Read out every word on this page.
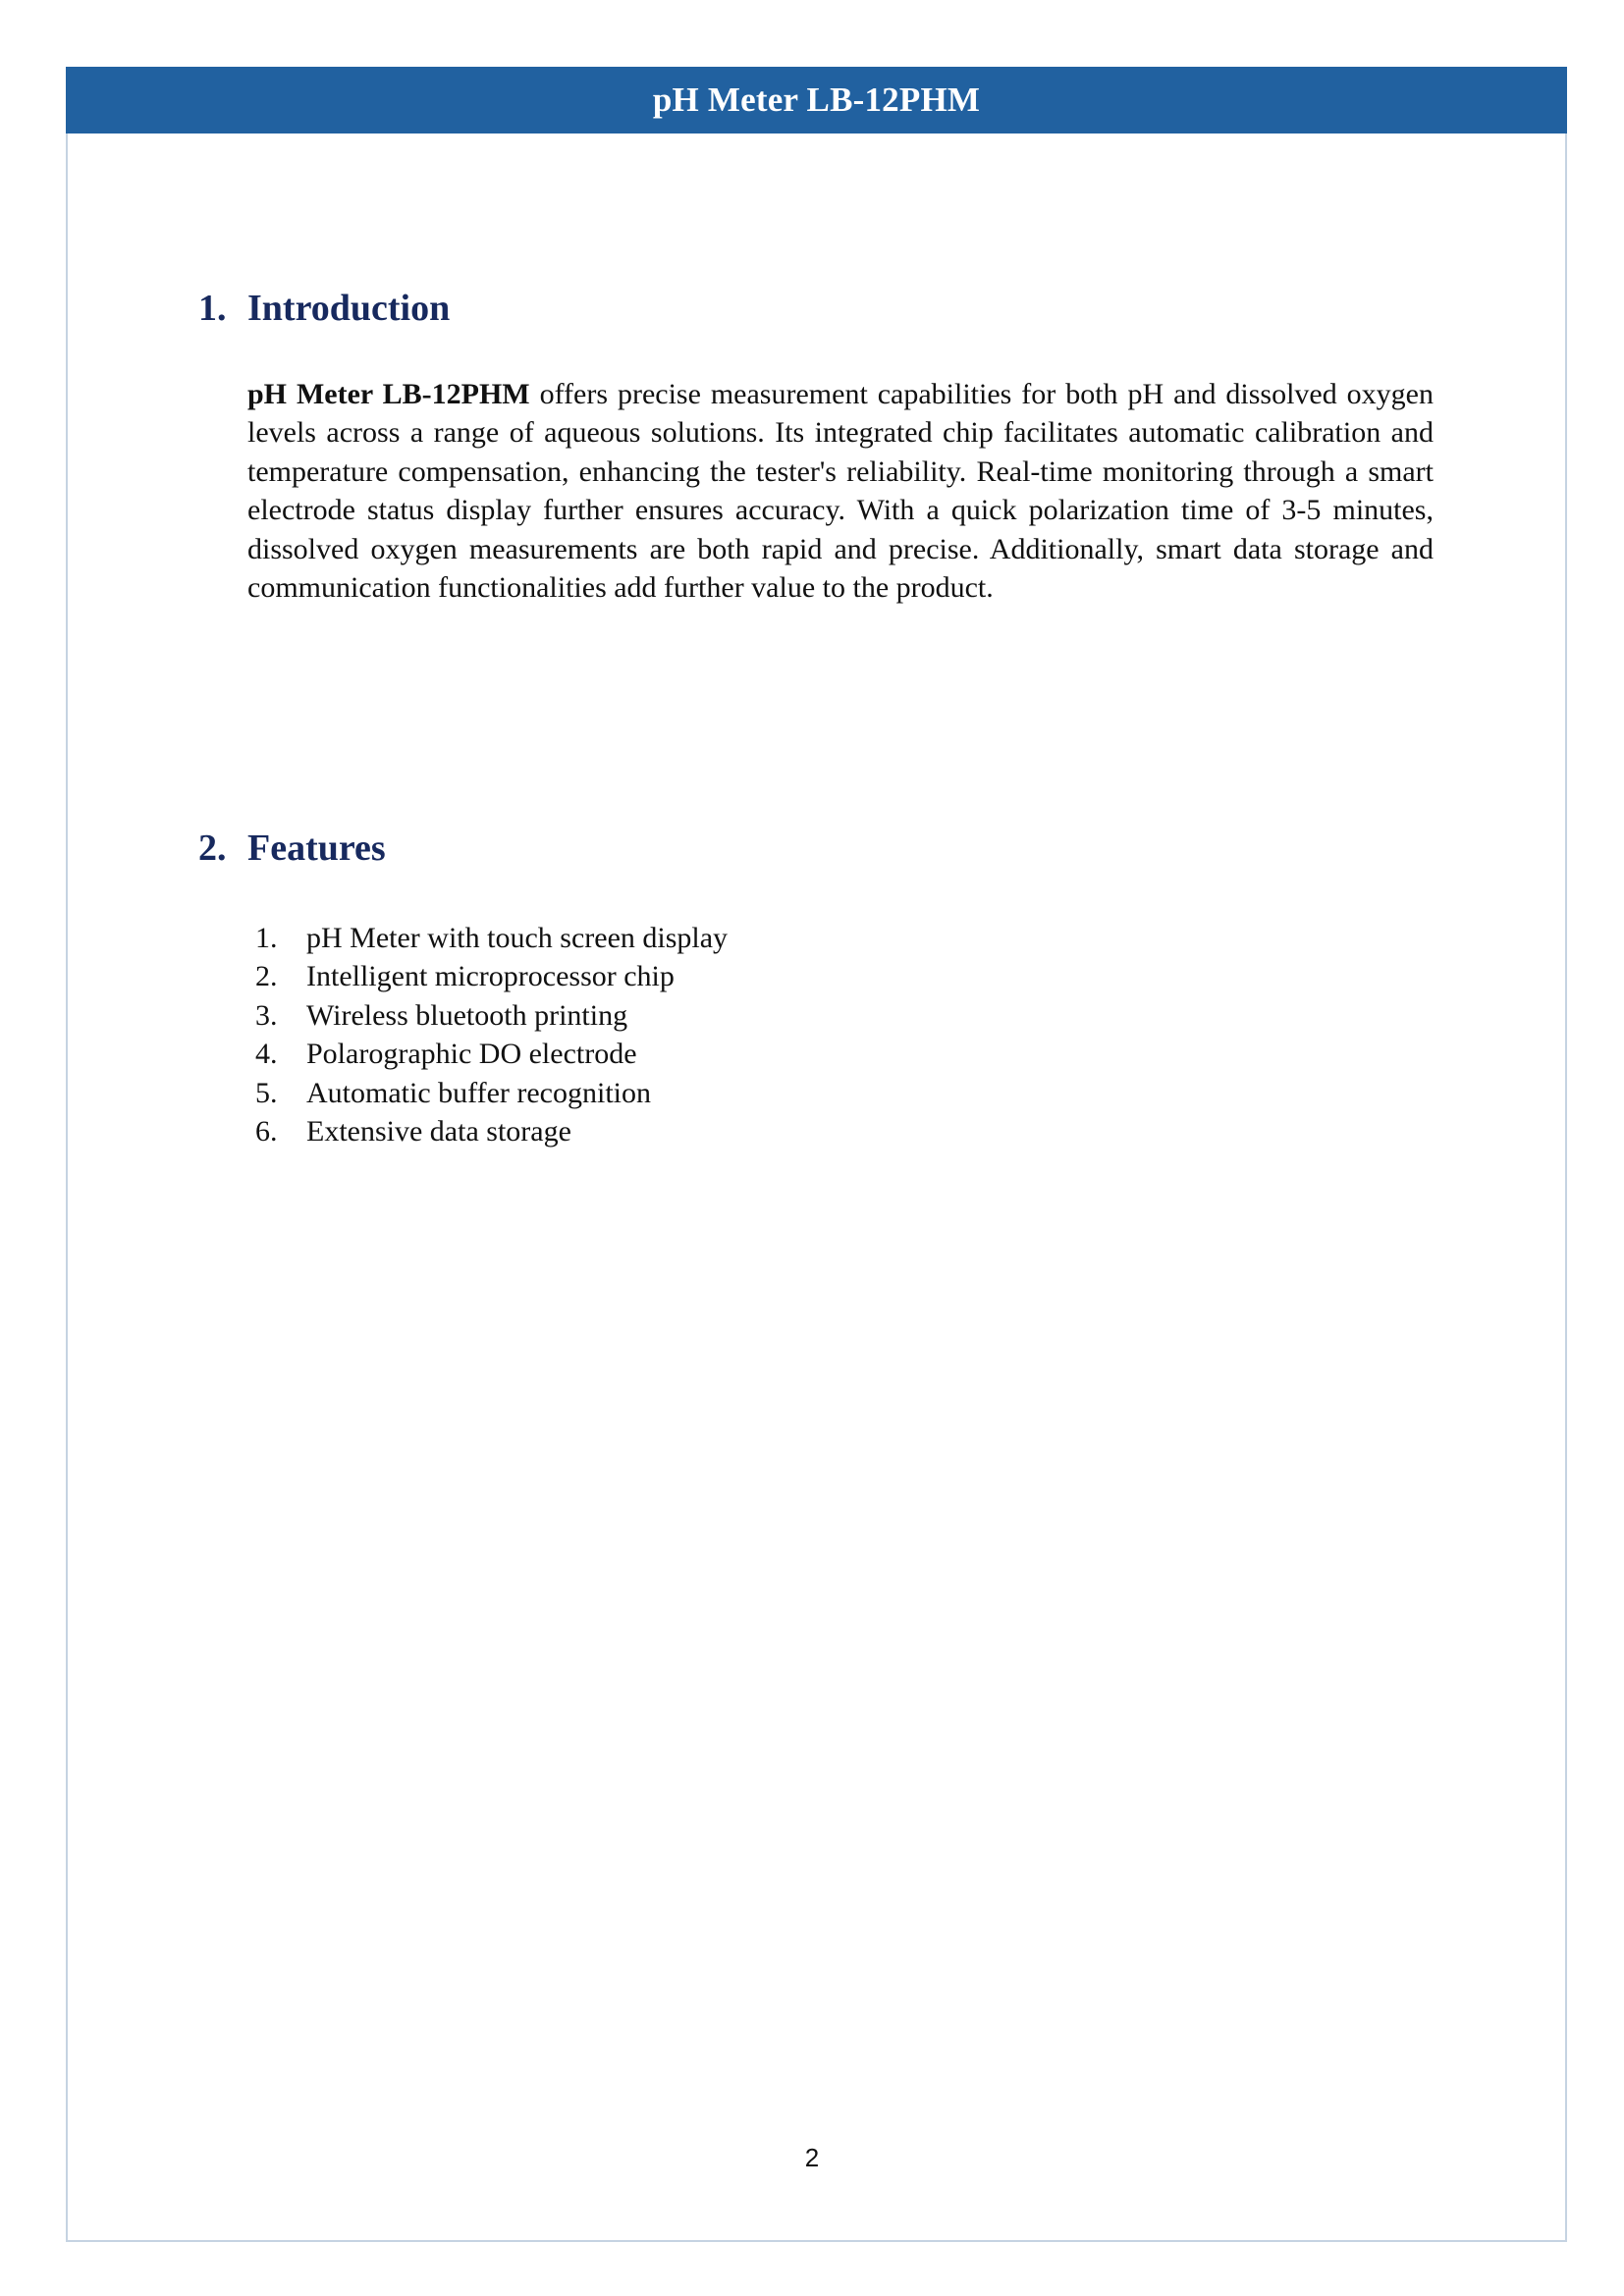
pH Meter LB-12PHM
1. Introduction

pH Meter LB-12PHM offers precise measurement capabilities for both pH and dissolved oxygen levels across a range of aqueous solutions. Its integrated chip facilitates automatic calibration and temperature compensation, enhancing the tester's reliability. Real-time monitoring through a smart electrode status display further ensures accuracy. With a quick polarization time of 3-5 minutes, dissolved oxygen measurements are both rapid and precise. Additionally, smart data storage and communication functionalities add further value to the product.

2. Features
1. pH Meter with touch screen display
2. Intelligent microprocessor chip
3. Wireless bluetooth printing
4. Polarographic DO electrode
5. Automatic buffer recognition
6. Extensive data storage
2
